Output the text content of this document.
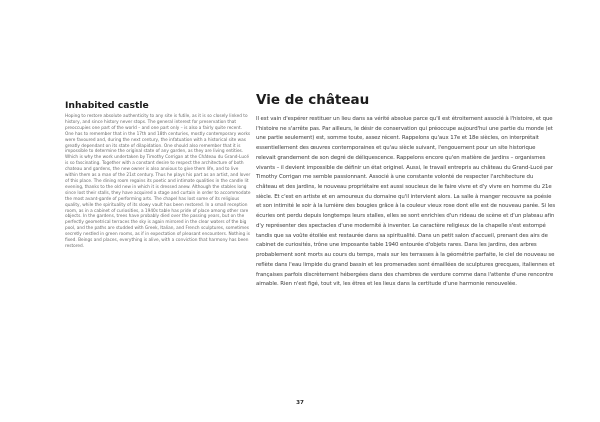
Inhabited castle

Hoping to restore absolute authenticity to any site is futile, as it is so closely linked to history, and since history never stops. The general interest for preservation that preoccupies one part of the world – and one part only – is also a fairly quite recent. One has to remember that in the 17th and 18th centuries, mostly contemporary works were favoured and, during the next century, the infatuation with a historical site was greatly dependant on its state of dilapidation. One should also remember that it is impossible to determine the original state of any garden, as they are living entities. Which is why the work undertaken by Timothy Corrigan at the Château du Grand-Lucé is so fascinating. Together with a constant desire to respect the architecture of both chateau and gardens, the new owner is also anxious to give them life, and to live within them as a man of the 21st century. Thus he plays his part as an artist, and lover of this place. The dining room regains its poetic and intimate qualities in the candle lit evening, thanks to the old new in which it is dressed anew. Although the stables long since lost their stalls, they have acquired a stage and curtain in order to accommodate the most avant-garde of performing arts. The chapel has lost some of its religious quality, while the spirituality of its slowy vault has been restored. In a small reception room, as in a cabinet of curiosities, a 1940s table has pride of place among other rare objects. In the gardens, trees have probably died over the passing years, but on the perfectly geometrical terraces the sky is again mirrored in the clear waters of the big pool, and the paths are studded with Greek, Italian, and French sculptures, sometimes secretly nestled in green rooms, as if in expectation of pleasant encounters. Nothing is fixed. Beings and places, everything is alive, with a conviction that harmony has been restored.

Vie de château

Il est vain d'espérer restituer un lieu dans sa vérité absolue parce qu'il est étroitement associé à l'histoire, et que l'histoire ne s'arrête pas. Par ailleurs, le désir de conservation qui préoccupe aujourd'hui une partie du monde (et une partie seulement) est, somme toute, assez récent. Rappelons qu'aux 17e et 18e siècles, on interprétait essentiellement des œuvres contemporaines et qu'au siècle suivant, l'engouement pour un site historique relevait grandement de son degré de déliquescence. Rappelons encore qu'en matière de jardins – organismes vivants – il devient impossible de définir un état originel. Aussi, le travail entrepris au château du Grand-Lucé par Timothy Corrigan me semble passionnant. Associé à une constante volonté de respecter l'architecture du château et des jardins, le nouveau propriétaire est aussi soucieux de le faire vivre et d'y vivre en homme du 21e siècle. Et c'est en artiste et en amoureux du domaine qu'il intervient alors. La salle à manger recouvre sa poésie et son intimité le soir à la lumière des bougies grâce à la couleur vieux rose dont elle est de nouveau parée. Si les écuries ont perdu depuis longtemps leurs stalles, elles se sont enrichies d'un rideau de scène et d'un plateau afin d'y représenter des spectacles d'une modernité à inventer. Le caractère religieux de la chapelle s'est estompé tandis que sa voûte étoilée est restaurée dans sa spiritualité. Dans un petit salon d'accueil, prenant des airs de cabinet de curiosités, trône une imposante table 1940 entourée d'objets rares. Dans les jardins, des arbres probablement sont morts au cours du temps, mais sur les terrasses à la géométrie parfaite, le ciel de nouveau se reflète dans l'eau limpide du grand bassin et les promenades sont émaillées de sculptures grecques, italiennes et françaises parfois discrètement hébergées dans des chambres de verdure comme dans l'attente d'une rencontre aimable. Rien n'est figé, tout vit, les êtres et les lieux dans la certitude d'une harmonie renouvelée.

37
